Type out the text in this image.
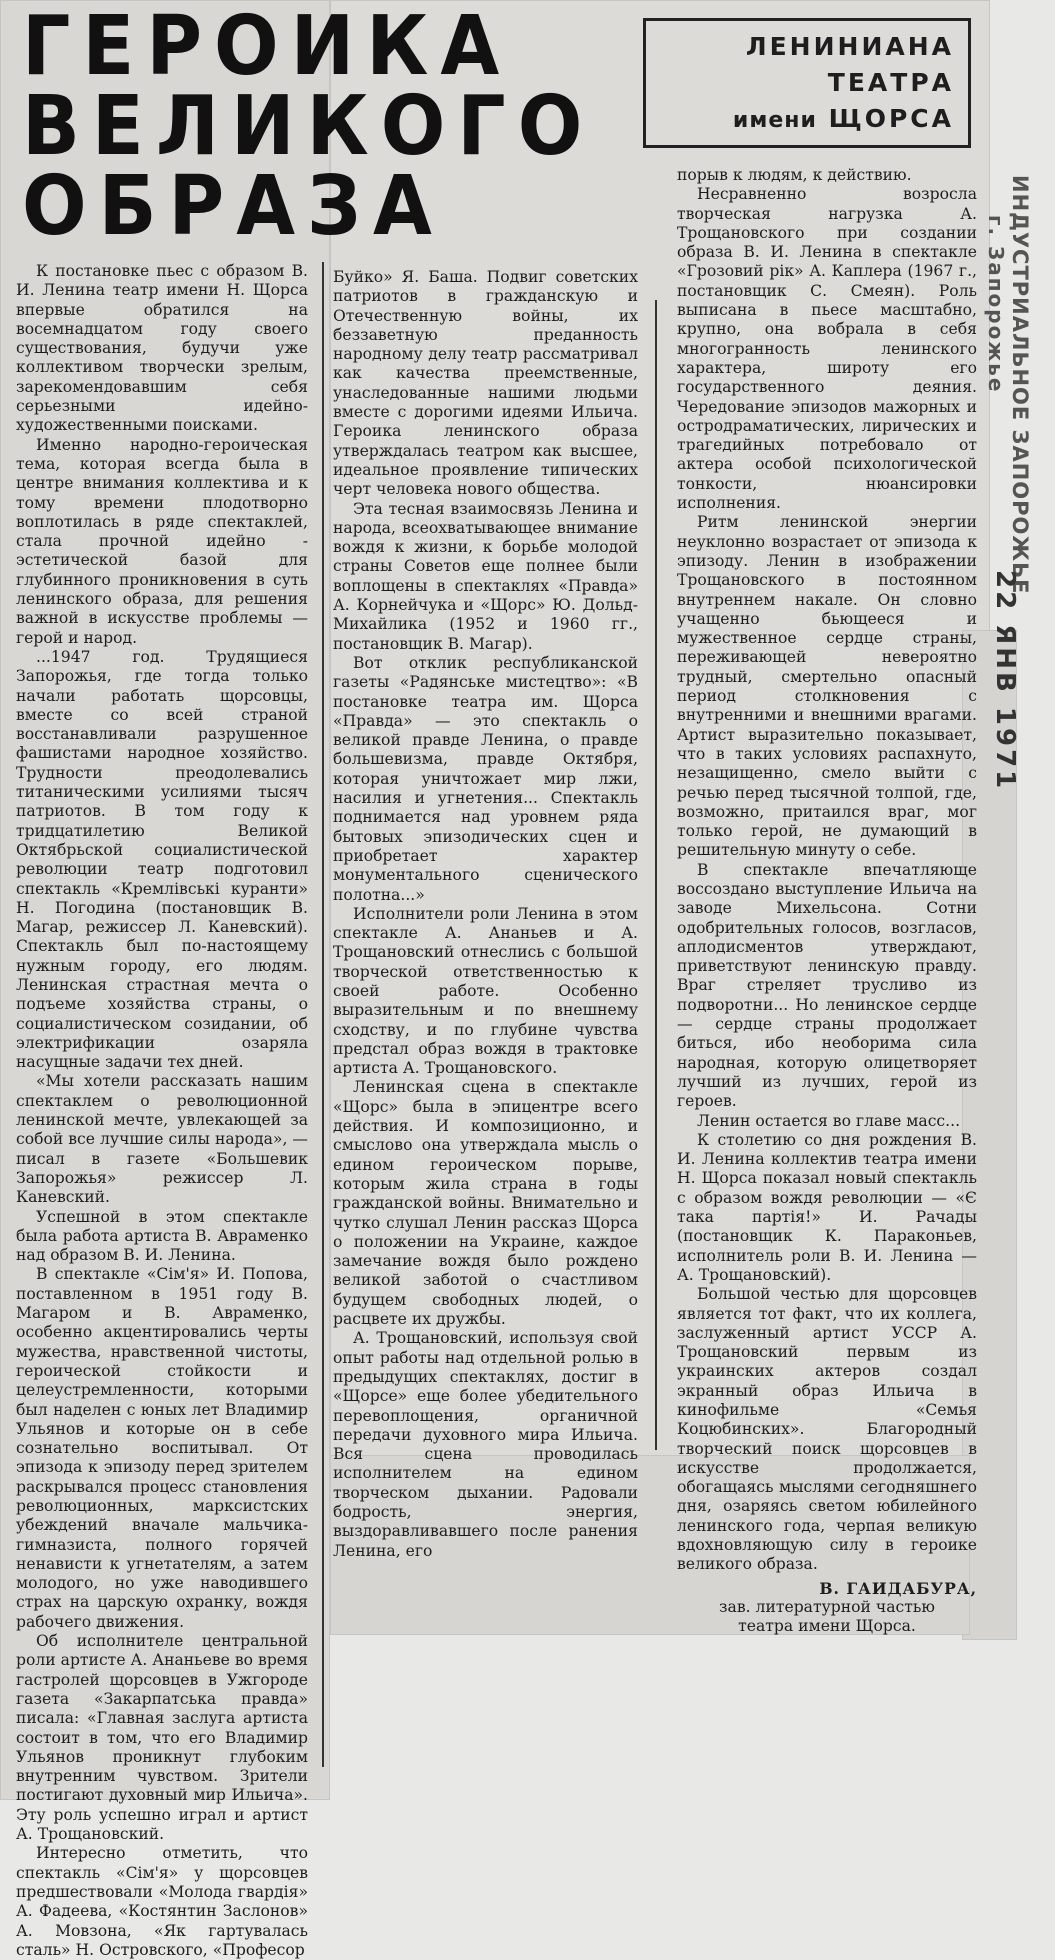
ГЕРОИКА
ВЕЛИКОГО
ОБРАЗА
ЛЕНИНИАНА
ТЕАТРА
имени ЩОРСА

К постановке пьес с образом В. И. Ленина театр имени Н. Щорса впервые обратился на восемнадцатом году своего существования, будучи уже коллективом творчески зрелым, зарекомендовавшим себя серьезными идейно-художественными поисками.

Именно народно-героическая тема, которая всегда была в центре внимания коллектива и к тому времени плодотворно воплотилась в ряде спектаклей, стала прочной идейно - эстетической базой для глубинного проникновения в суть ленинского образа, для решения важной в искусстве проблемы — герой и народ.

...1947 год. Трудящиеся Запорожья, где тогда только начали работать щорсовцы, вместе со всей страной восстанавливали разрушенное фашистами народное хозяйство. Трудности преодолевались титаническими усилиями тысяч патриотов. В том году к тридцатилетию Великой Октябрьской социалистической революции театр подготовил спектакль «Кремлівські куранти» Н. Погодина (постановщик В. Магар, режиссер Л. Каневский). Спектакль был по-настоящему нужным городу, его людям. Ленинская страстная мечта о подъеме хозяйства страны, о социалистическом созидании, об электрификации озаряла насущные задачи тех дней.

«Мы хотели рассказать нашим спектаклем о революционной ленинской мечте, увлекающей за собой все лучшие силы народа», — писал в газете «Большевик Запорожья» режиссер Л. Каневский.

Успешной в этом спектакле была работа артиста В. Авраменко над образом В. И. Ленина.

В спектакле «Сім'я» И. Попова, поставленном в 1951 году В. Магаром и В. Авраменко, особенно акцентировались черты мужества, нравственной чистоты, героической стойкости и целеустремленности, которыми был наделен с юных лет Владимир Ульянов и которые он в себе сознательно воспитывал. От эпизода к эпизоду перед зрителем раскрывался процесс становления революционных, марксистских убеждений вначале мальчика-гимназиста, полного горячей ненависти к угнетателям, а затем молодого, но уже наводившего страх на царскую охранку, вождя рабочего движения.

Об исполнителе центральной роли артисте А. Ананьеве во время гастролей щорсовцев в Ужгороде газета «Закарпатська правда» писала: «Главная заслуга артиста состоит в том, что его Владимир Ульянов проникнут глубоким внутренним чувством. Зрители постигают духовный мир Ильича». Эту роль успешно играл и артист А. Трощановский.

Интересно отметить, что спектакль «Сім'я» у щорсовцев предшествовали «Молода гвардія» А. Фадеева, «Костянтин Заслонов» А. Мовзона, «Як гартувалась сталь» Н. Островского, «Професор

Буйко» Я. Баша. Подвиг советских патриотов в гражданскую и Отечественную войны, их беззаветную преданность народному делу театр рассматривал как качества преемственные, унаследованные нашими людьми вместе с дорогими идеями Ильича. Героика ленинского образа утверждалась театром как высшее, идеальное проявление типических черт человека нового общества.

Эта тесная взаимосвязь Ленина и народа, всеохватывающее внимание вождя к жизни, к борьбе молодой страны Советов еще полнее были воплощены в спектаклях «Правда» А. Корнейчука и «Щорс» Ю. Дольд-Михайлика (1952 и 1960 гг., постановщик В. Магар).

Вот отклик республиканской газеты «Радянське мистецтво»: «В постановке театра им. Щорса «Правда» — это спектакль о великой правде Ленина, о правде большевизма, правде Октября, которая уничтожает мир лжи, насилия и угнетения... Спектакль поднимается над уровнем ряда бытовых эпизодических сцен и приобретает характер монументального сценического полотна...»

Исполнители роли Ленина в этом спектакле А. Ананьев и А. Трощановский отнеслись с большой творческой ответственностью к своей работе. Особенно выразительным и по внешнему сходству, и по глубине чувства предстал образ вождя в трактовке артиста А. Трощановского.

Ленинская сцена в спектакле «Щорс» была в эпицентре всего действия. И композиционно, и смыслово она утверждала мысль о едином героическом порыве, которым жила страна в годы гражданской войны. Внимательно и чутко слушал Ленин рассказ Щорса о положении на Украине, каждое замечание вождя было рождено великой заботой о счастливом будущем свободных людей, о расцвете их дружбы.

А. Трощановский, используя свой опыт работы над отдельной ролью в предыдущих спектаклях, достиг в «Щорсе» еще более убедительного перевоплощения, органичной передачи духовного мира Ильича. Вся сцена проводилась исполнителем на едином творческом дыхании. Радовали бодрость, энергия, выздоравливавшего после ранения Ленина, его

порыв к людям, к действию.

Несравненно возросла творческая нагрузка А. Трощановского при создании образа В. И. Ленина в спектакле «Грозовий рік» А. Каплера (1967 г., постановщик С. Смеян). Роль выписана в пьесе масштабно, крупно, она вобрала в себя многогранность ленинского характера, широту его государственного деяния. Чередование эпизодов мажорных и остродраматических, лирических и трагедийных потребовало от актера особой психологической тонкости, нюансировки исполнения.

Ритм ленинской энергии неуклонно возрастает от эпизода к эпизоду. Ленин в изображении Трощановского в постоянном внутреннем накале. Он словно учащенно бьющееся и мужественное сердце страны, переживающей невероятно трудный, смертельно опасный период столкновения с внутренними и внешними врагами. Артист выразительно показывает, что в таких условиях распахнуто, незащищенно, смело выйти с речью перед тысячной толпой, где, возможно, притаился враг, мог только герой, не думающий в решительную минуту о себе.

В спектакле впечатляюще воссоздано выступление Ильича на заводе Михельсона. Сотни одобрительных голосов, возгласов, аплодисментов утверждают, приветствуют ленинскую правду. Враг стреляет трусливо из подворотни... Но ленинское сердце — сердце страны продолжает биться, ибо необорима сила народная, которую олицетворяет лучший из лучших, герой из героев.

Ленин остается во главе масс...

К столетию со дня рождения В. И. Ленина коллектив театра имени Н. Щорса показал новый спектакль с образом вождя революции — «Є така партія!» И. Рачады (постановщик К. Параконьев, исполнитель роли В. И. Ленина — А. Трощановский).

Большой честью для щорсовцев является тот факт, что их коллега, заслуженный артист УССР А. Трощановский первым из украинских актеров создал экранный образ Ильича в кинофильме «Семья Коцюбинских». Благородный творческий поиск щорсовцев в искусстве продолжается, обогащаясь мыслями сегодняшнего дня, озаряясь светом юбилейного ленинского года, черпая великую вдохновляющую силу в героике великого образа.

В. ГАИДАБУРА,
зав. литературной частью
театра имени Щорса.
ИНДУСТРИАЛЬНОЕ ЗАПОРОЖЬЕ
г. Запорожье
22 ЯНВ 1971
